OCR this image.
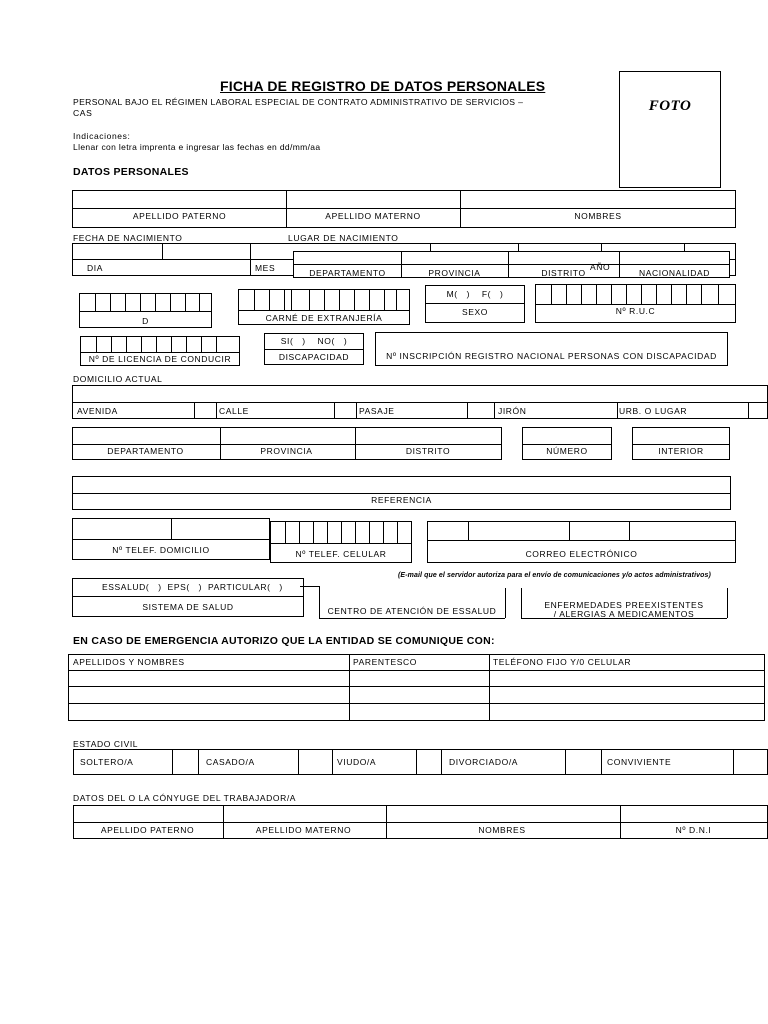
FICHA DE REGISTRO DE DATOS PERSONALES
PERSONAL BAJO EL RÉGIMEN LABORAL ESPECIAL DE CONTRATO ADMINISTRATIVO DE SERVICIOS –
CAS
Indicaciones:
Llenar con letra imprenta e ingresar las fechas en dd/mm/aa
FOTO
DATOS PERSONALES
APELLIDO PATERNO	APELLIDO MATERNO	NOMBRES
FECHA DE NACIMIENTO	LUGAR DE NACIMIENTO
DIA	MES	AÑO
DEPARTAMENTO	PROVINCIA	DISTRITO	NACIONALIDAD
D	CARNÉ DE EXTRANJERÍA
M(   )    F(   )
SEXO	Nº R.U.C
Nº DE LICENCIA DE CONDUCIR
SI(   )    NO(   )
DISCAPACIDAD	Nº INSCRIPCIÓN REGISTRO NACIONAL PERSONAS CON DISCAPACIDAD
DOMICILIO ACTUAL
AVENIDA	CALLE	PASAJE	JIRÓN	URB. O LUGAR
DEPARTAMENTO	PROVINCIA	DISTRITO	NÚMERO	INTERIOR
REFERENCIA
Nº TELEF. DOMICILIO	Nº TELEF. CELULAR	CORREO ELECTRÓNICO
(E-mail que el servidor autoriza para el envío de comunicaciones y/o actos administrativos)
ESSALUD(   )  EPS(   )  PARTICULAR(   )
SISTEMA DE SALUD	CENTRO DE ATENCIÓN DE ESSALUD
ENFERMEDADES PREEXISTENTES
/ ALERGIAS A MEDICAMENTOS
EN CASO DE EMERGENCIA AUTORIZO QUE LA ENTIDAD SE COMUNIQUE CON:
APELLIDOS Y NOMBRES	PARENTESCO	TELÉFONO FIJO Y/0 CELULAR
ESTADO CIVIL
SOLTERO/A	CASADO/A	VIUDO/A	DIVORCIADO/A	CONVIVIENTE
DATOS DEL O LA CÓNYUGE DEL TRABAJADOR/A
APELLIDO PATERNO	APELLIDO MATERNO	NOMBRES	Nº D.N.I
